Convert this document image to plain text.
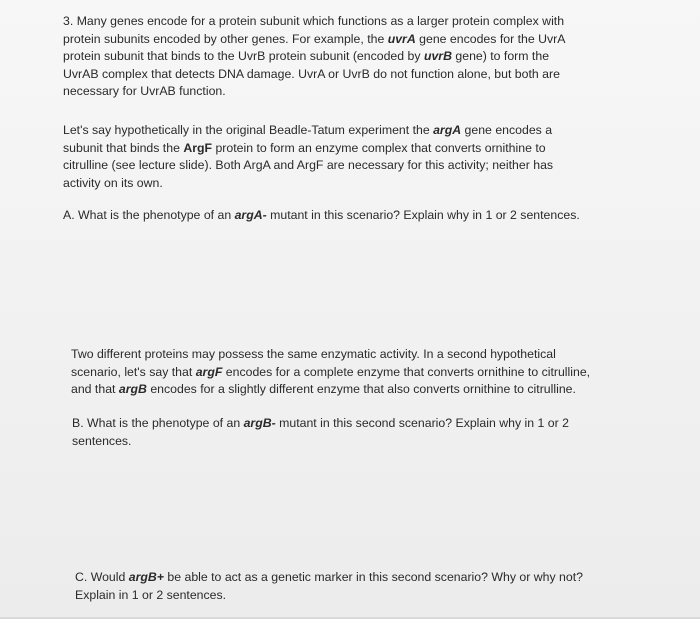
3. Many genes encode for a protein subunit which functions as a larger protein complex with
protein subunits encoded by other genes. For example, the uvrA gene encodes for the UvrA
protein subunit that binds to the UvrB protein subunit (encoded by uvrB gene) to form the
UvrAB complex that detects DNA damage. UvrA or UvrB do not function alone, but both are
necessary for UvrAB function.
Let's say hypothetically in the original Beadle-Tatum experiment the argA gene encodes a
subunit that binds the ArgF protein to form an enzyme complex that converts ornithine to
citrulline (see lecture slide). Both ArgA and ArgF are necessary for this activity; neither has
activity on its own.
A. What is the phenotype of an argA- mutant in this scenario? Explain why in 1 or 2 sentences.
Two different proteins may possess the same enzymatic activity. In a second hypothetical
scenario, let's say that argF encodes for a complete enzyme that converts ornithine to citrulline,
and that argB encodes for a slightly different enzyme that also converts ornithine to citrulline.
B. What is the phenotype of an argB- mutant in this second scenario? Explain why in 1 or 2
sentences.
C. Would argB+ be able to act as a genetic marker in this second scenario? Why or why not?
Explain in 1 or 2 sentences.
